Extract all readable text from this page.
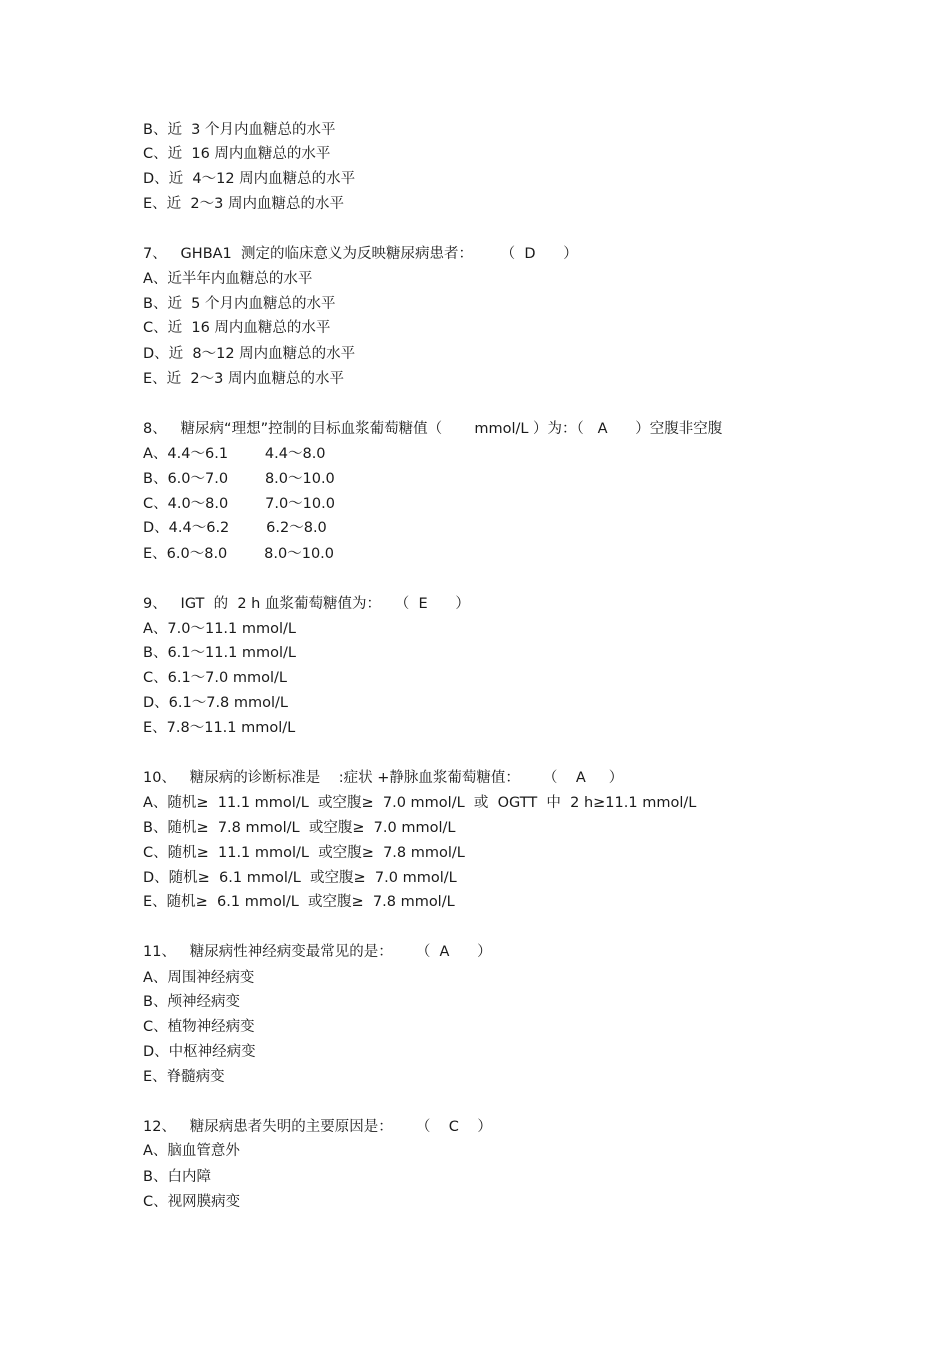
B、近  3 个月内血糖总的水平
C、近  16 周内血糖总的水平
D、近  4～12 周内血糖总的水平
E、近  2～3 周内血糖总的水平
7、   GHBA1  测定的临床意义为反映糖尿病患者：      （  D      ）
A、近半年内血糖总的水平
B、近  5 个月内血糖总的水平
C、近  16 周内血糖总的水平
D、近  8～12 周内血糖总的水平
E、近  2～3 周内血糖总的水平
8、   糖尿病“理想”控制的目标血浆葡萄糖值（       mmol/L ）为：（   A      ）空腹非空腹
A、4.4～6.1        4.4～8.0
B、6.0～7.0        8.0～10.0
C、4.0～8.0        7.0～10.0
D、4.4～6.2        6.2～8.0
E、6.0～8.0        8.0～10.0
9、   IGT  的  2 h 血浆葡萄糖值为：   （  E      ）
A、7.0～11.1 mmol/L
B、6.1～11.1 mmol/L
C、6.1～7.0 mmol/L
D、6.1～7.8 mmol/L
E、7.8～11.1 mmol/L
10、   糖尿病的诊断标准是    :症状 +静脉血浆葡萄糖值：     （    A     ）
A、随机≥  11.1 mmol/L  或空腹≥  7.0 mmol/L  或  OGTT  中  2 h≥11.1 mmol/L
B、随机≥  7.8 mmol/L  或空腹≥  7.0 mmol/L
C、随机≥  11.1 mmol/L  或空腹≥  7.8 mmol/L
D、随机≥  6.1 mmol/L  或空腹≥  7.0 mmol/L
E、随机≥  6.1 mmol/L  或空腹≥  7.8 mmol/L
11、   糖尿病性神经病变最常见的是：     （  A      ）
A、周围神经病变
B、颅神经病变
C、植物神经病变
D、中枢神经病变
E、脊髓病变
12、   糖尿病患者失明的主要原因是：     （    C    ）
A、脑血管意外
B、白内障
C、视网膜病变
